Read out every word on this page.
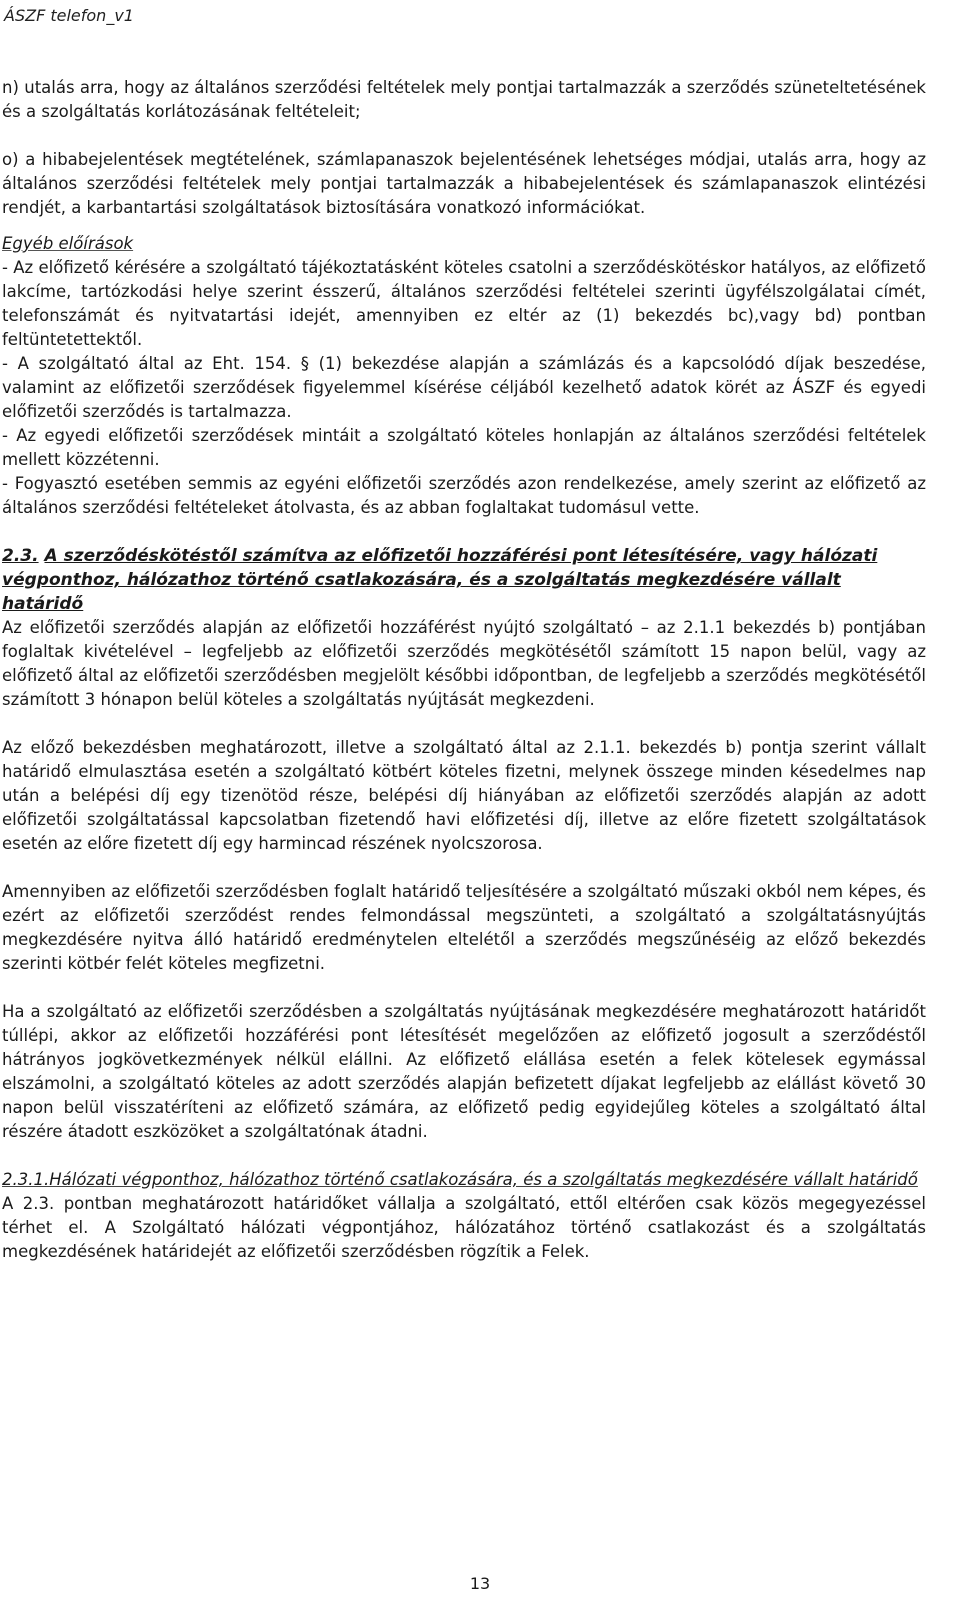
ÁSZF telefon_v1

n) utalás arra, hogy az általános szerződési feltételek mely pontjai tartalmazzák a szerződés szüneteltetésének és a szolgáltatás korlátozásának feltételeit;

o) a hibabejelentések megtételének, számlapanaszok bejelentésének lehetséges módjai, utalás arra, hogy az általános szerződési feltételek mely pontjai tartalmazzák a hibabejelentések és számlapanaszok elintézési rendjét, a karbantartási szolgáltatások biztosítására vonatkozó információkat.

Egyéb előírások

- Az előfizető kérésére a szolgáltató tájékoztatásként köteles csatolni a szerződéskötéskor hatályos, az előfizető lakcíme, tartózkodási helye szerint ésszerű, általános szerződési feltételei szerinti ügyfélszolgálatai címét, telefonszámát és nyitvatartási idejét, amennyiben ez eltér az (1) bekezdés bc),vagy bd) pontban feltüntetettektől.

- A szolgáltató által az Eht. 154. § (1) bekezdése alapján a számlázás és a kapcsolódó díjak beszedése, valamint az előfizetői szerződések figyelemmel kísérése céljából kezelhető adatok körét az ÁSZF és egyedi előfizetői szerződés is tartalmazza.

- Az egyedi előfizetői szerződések mintáit a szolgáltató köteles honlapján az általános szerződési feltételek mellett közzétenni.

- Fogyasztó esetében semmis az egyéni előfizetői szerződés azon rendelkezése, amely szerint az előfizető az általános szerződési feltételeket átolvasta, és az abban foglaltakat tudomásul vette.

2.3. A szerződéskötéstől számítva az előfizetői hozzáférési pont létesítésére, vagy hálózati végponthoz, hálózathoz történő csatlakozására, és a szolgáltatás megkezdésére vállalt határidő

Az előfizetői szerződés alapján az előfizetői hozzáférést nyújtó szolgáltató – az 2.1.1 bekezdés b) pontjában foglaltak kivételével – legfeljebb az előfizetői szerződés megkötésétől számított 15 napon belül, vagy az előfizető által az előfizetői szerződésben megjelölt későbbi időpontban, de legfeljebb a szerződés megkötésétől számított 3 hónapon belül köteles a szolgáltatás nyújtását megkezdeni.

Az előző bekezdésben meghatározott, illetve a szolgáltató által az 2.1.1. bekezdés b) pontja szerint vállalt határidő elmulasztása esetén a szolgáltató kötbért köteles fizetni, melynek összege minden késedelmes nap után a belépési díj egy tizenötöd része, belépési díj hiányában az előfizetői szerződés alapján az adott előfizetői szolgáltatással kapcsolatban fizetendő havi előfizetési díj, illetve az előre fizetett szolgáltatások esetén az előre fizetett díj egy harmincad részének nyolcszorosa.

Amennyiben az előfizetői szerződésben foglalt határidő teljesítésére a szolgáltató műszaki okból nem képes, és ezért az előfizetői szerződést rendes felmondással megszünteti, a szolgáltató a szolgáltatásnyújtás megkezdésére nyitva álló határidő eredménytelen eltelétől a szerződés megszűnéséig az előző bekezdés szerinti kötbér felét köteles megfizetni.

Ha a szolgáltató az előfizetői szerződésben a szolgáltatás nyújtásának megkezdésére meghatározott határidőt túllépi, akkor az előfizetői hozzáférési pont létesítését megelőzően az előfizető jogosult a szerződéstől hátrányos jogkövetkezmények nélkül elállni. Az előfizető elállása esetén a felek kötelesek egymással elszámolni, a szolgáltató köteles az adott szerződés alapján befizetett díjakat legfeljebb az elállást követő 30 napon belül visszatéríteni az előfizető számára, az előfizető pedig egyidejűleg köteles a szolgáltató által részére átadott eszközöket a szolgáltatónak átadni.

2.3.1.Hálózati végponthoz, hálózathoz történő csatlakozására, és a szolgáltatás megkezdésére vállalt határidő

A 2.3. pontban meghatározott határidőket vállalja a szolgáltató, ettől eltérően csak közös megegyezéssel térhet el. A Szolgáltató hálózati végpontjához, hálózatához történő csatlakozást és a szolgáltatás megkezdésének határidejét az előfizetői szerződésben rögzítik a Felek.

13
